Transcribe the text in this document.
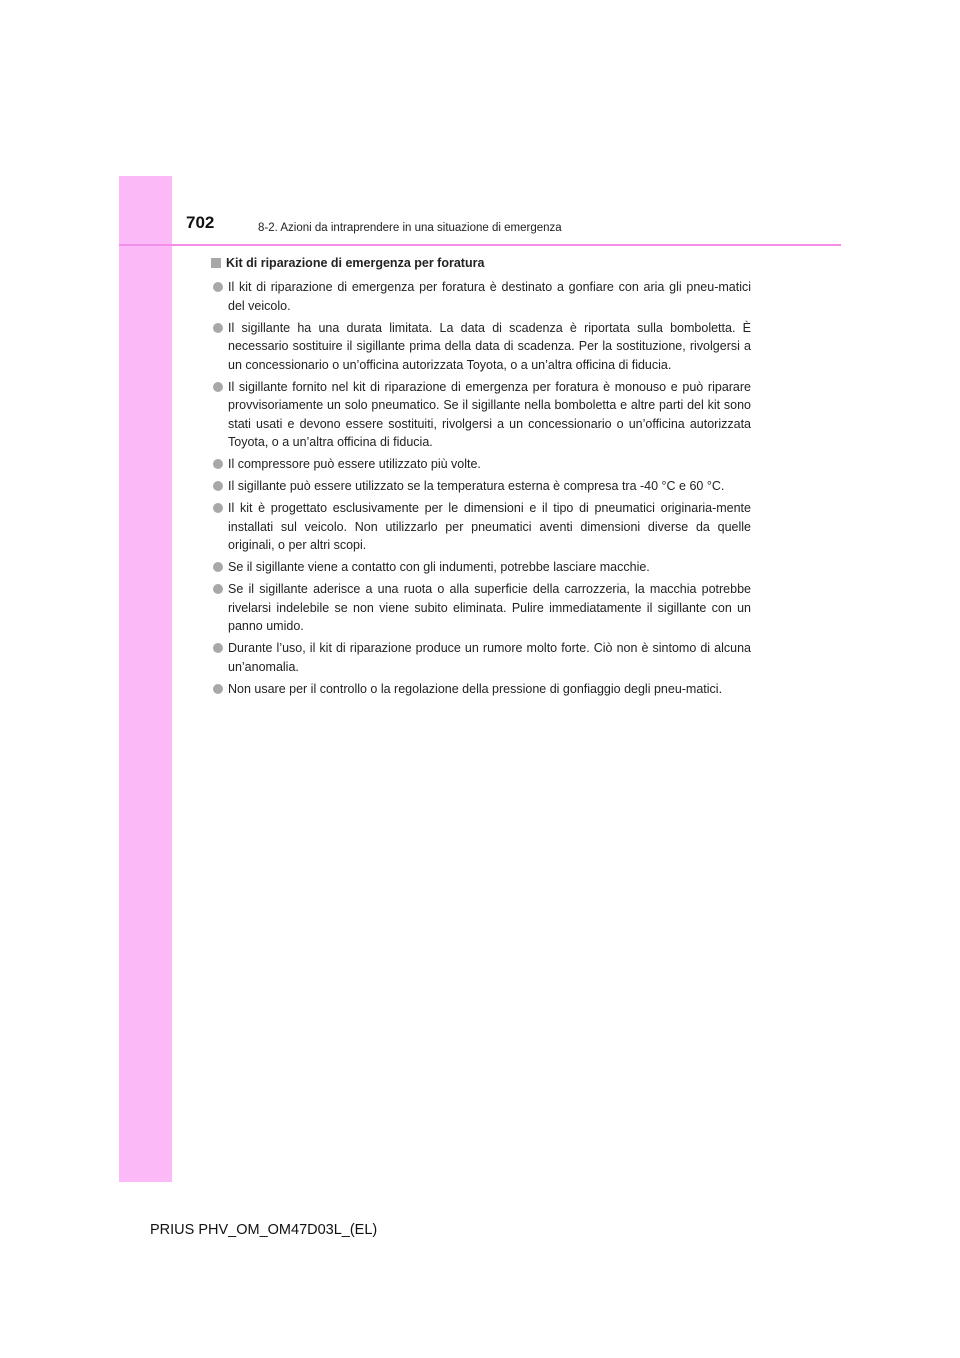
702	8-2. Azioni da intraprendere in una situazione di emergenza
Kit di riparazione di emergenza per foratura
Il kit di riparazione di emergenza per foratura è destinato a gonfiare con aria gli pneu-matici del veicolo.
Il sigillante ha una durata limitata. La data di scadenza è riportata sulla bomboletta. È necessario sostituire il sigillante prima della data di scadenza. Per la sostituzione, rivolgersi a un concessionario o un’officina autorizzata Toyota, o a un’altra officina di fiducia.
Il sigillante fornito nel kit di riparazione di emergenza per foratura è monouso e può riparare provvisoriamente un solo pneumatico. Se il sigillante nella bomboletta e altre parti del kit sono stati usati e devono essere sostituiti, rivolgersi a un concessionario o un’officina autorizzata Toyota, o a un’altra officina di fiducia.
Il compressore può essere utilizzato più volte.
Il sigillante può essere utilizzato se la temperatura esterna è compresa tra -40 °C e 60 °C.
Il kit è progettato esclusivamente per le dimensioni e il tipo di pneumatici originaria-mente installati sul veicolo. Non utilizzarlo per pneumatici aventi dimensioni diverse da quelle originali, o per altri scopi.
Se il sigillante viene a contatto con gli indumenti, potrebbe lasciare macchie.
Se il sigillante aderisce a una ruota o alla superficie della carrozzeria, la macchia potrebbe rivelarsi indelebile se non viene subito eliminata. Pulire immediatamente il sigillante con un panno umido.
Durante l’uso, il kit di riparazione produce un rumore molto forte. Ciò non è sintomo di alcuna un’anomalia.
Non usare per il controllo o la regolazione della pressione di gonfiaggio degli pneu-matici.
PRIUS PHV_OM_OM47D03L_(EL)
